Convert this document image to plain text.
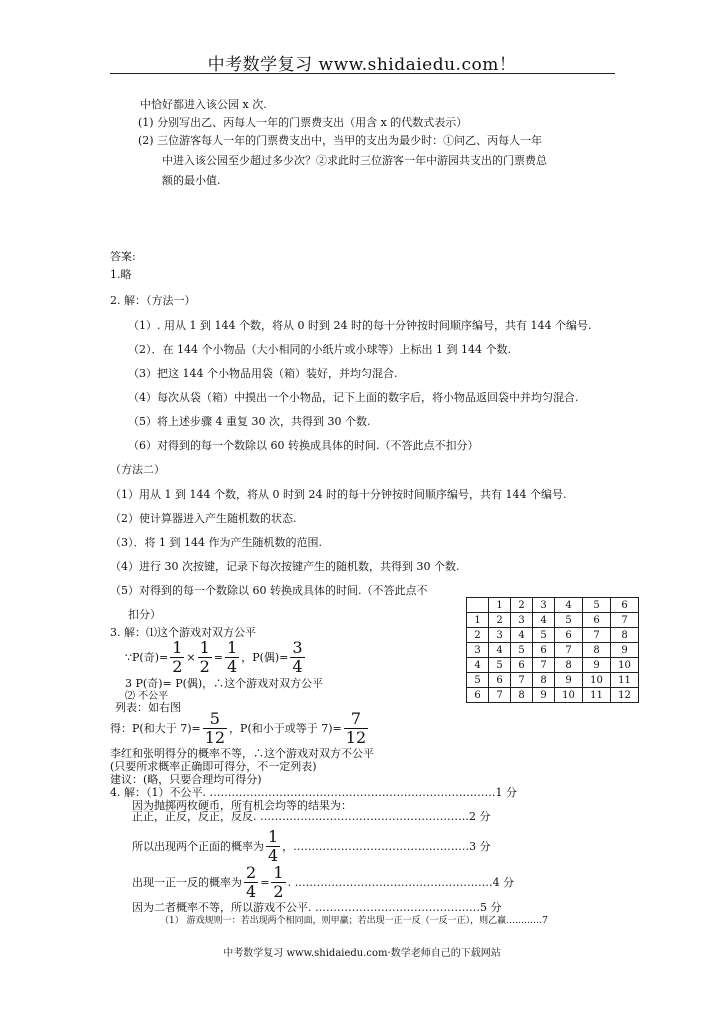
中考数学复习 www.shidaiedu.com！
中恰好都进入该公园 x 次.
(1) 分别写出乙、丙每人一年的门票费支出（用含 x 的代数式表示）
(2) 三位游客每人一年的门票费支出中，当甲的支出为最少时：①问乙、丙每人一年
中进入该公园至少超过多少次？②求此时三位游客一年中游园共支出的门票费总
额的最小值.
答案:
1.略
2. 解：（方法一）
（1）. 用从 1 到 144 个数，将从 0 时到 24 时的每十分钟按时间顺序编号，共有 144 个编号.
（2）．在 144 个小物品（大小相同的小纸片或小球等）上标出 1 到 144 个数.
（3）把这 144 个小物品用袋（箱）装好，并均匀混合.
（4）每次从袋（箱）中摸出一个小物品，记下上面的数字后，将小物品返回袋中并均匀混合.
（5）将上述步骤 4 重复 30 次，共得到 30 个数.
（6）对得到的每一个数除以 60 转换成具体的时间.（不答此点不扣分）
（方法二）
（1）用从 1 到 144 个数，将从 0 时到 24 时的每十分钟按时间顺序编号，共有 144 个编号.
（2）使计算器进入产生随机数的状态.
（3）．将 1 到 144 作为产生随机数的范围.
（4）进行 30 次按键，记录下每次按键产生的随机数，共得到 30 个数.
（5）对得到的每一个数除以 60 转换成具体的时间.（不答此点不
扣分）
3. 解：⑴这个游戏对双方公平
∵P(奇)= $\frac{1}{2} \times \frac{1}{2} = \frac{1}{4}$ ，P(偶)= $\frac{3}{4}$
3 P(奇)= P(偶)，∴这个游戏对双方公平
⑵ 不公平
列表：如右图
得：P(和大于 $7)= \frac{5}{12}$ ，P(和小于或等于 $7)= \frac{7}{12}$
李红和张明得分的概率不等，∴这个游戏对双方不公平
(只要所求概率正确即可得分，不一定列表)
建议：(略，只要合理均可得分)
4. 解：（1）不公平. ……………………………………………………………………1 分
因为抛掷两枚硬币，所有机会均等的结果为：
正正，正反，反正，反反. …………………………………………………2 分
所以出现两个正面的概率为 $\frac{1}{4}$ ，…………………………………………3 分
出现一正一反的概率为 $\frac{2}{4} = \frac{1}{2}$ . ………………………………………………4 分
因为二者概率不等，所以游戏不公平. ………………………………………5 分
（1） 游戏规则一：若出现两个相同面，则甲赢；若出现一正一反（一反一正），则乙赢…………7
	1	2	3	4	5	6
1	2	3	4	5	6	7
2	3	4	5	6	7	8
3	4	5	6	7	8	9
4	5	6	7	8	9	10
5	6	7	8	9	10	11
6	7	8	9	10	11	12
中考数学复习 www.shidaiedu.com·数学老师自己的下载网站
